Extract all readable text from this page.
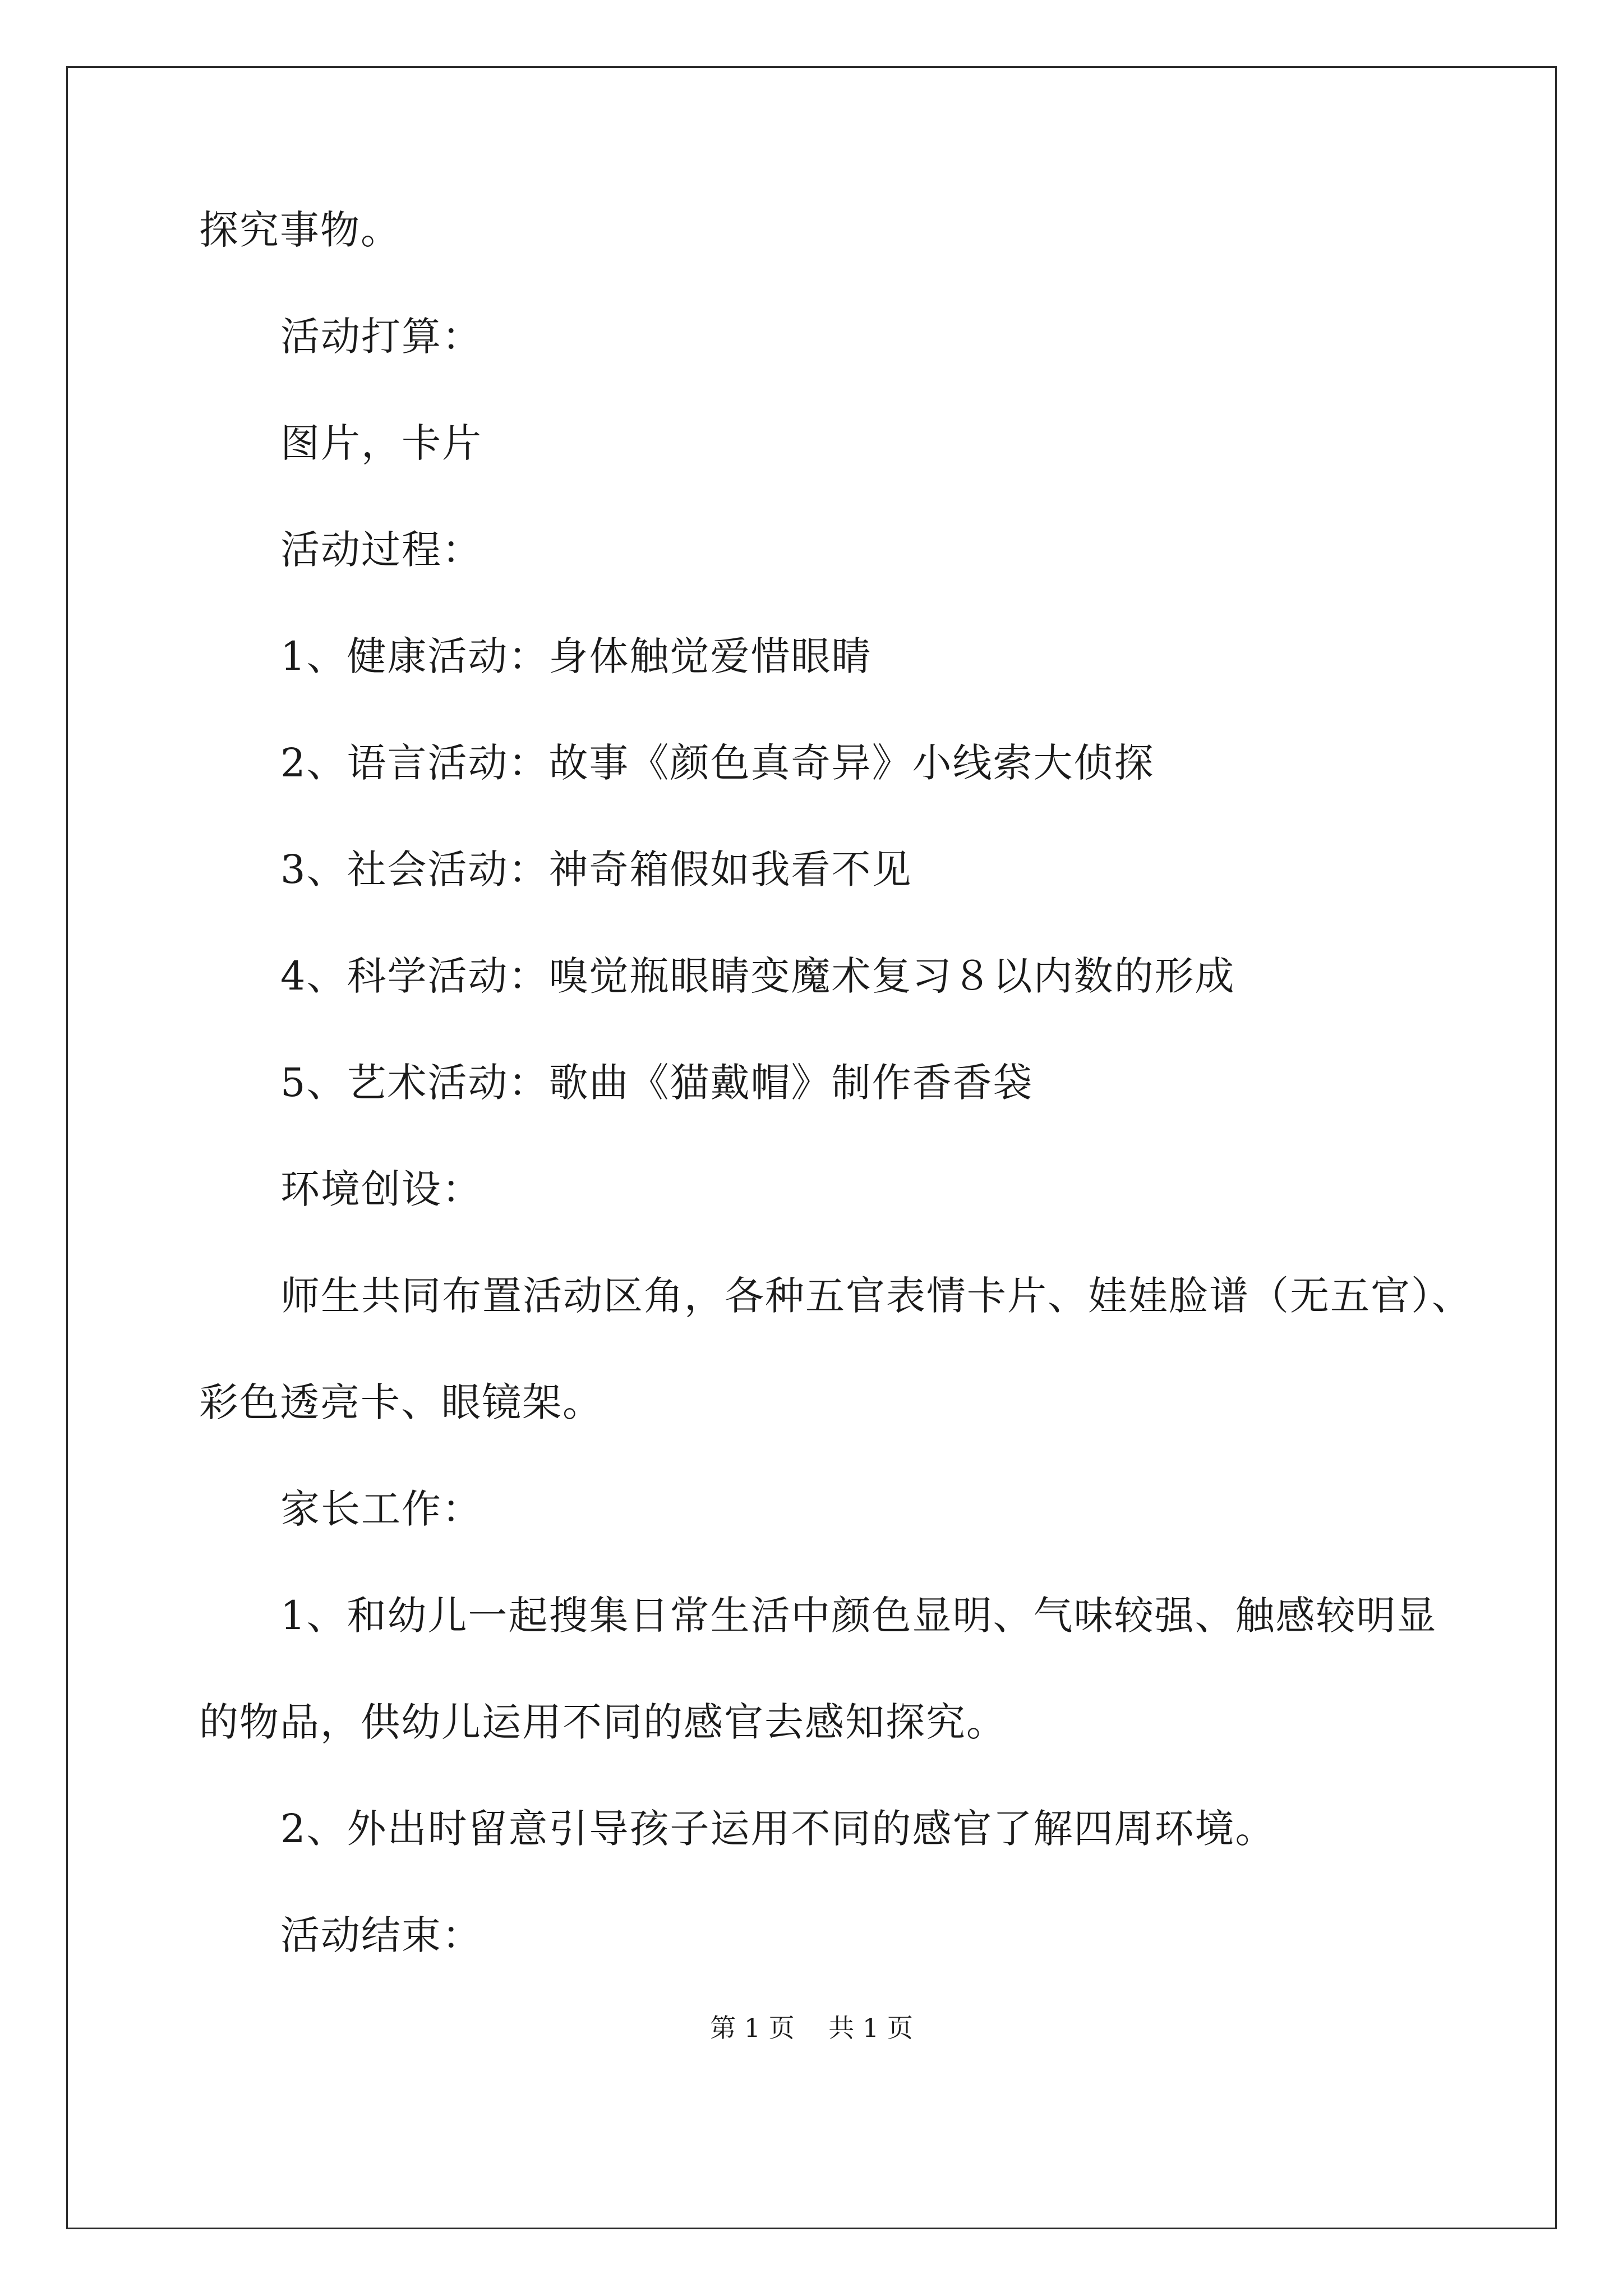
探究事物。
活动打算：
图片，卡片
活动过程：
1、健康活动：身体触觉爱惜眼睛
2、语言活动：故事《颜色真奇异》小线索大侦探
3、社会活动：神奇箱假如我看不见
4、科学活动：嗅觉瓶眼睛变魔术复习８以内数的形成
5、艺术活动：歌曲《猫戴帽》制作香香袋
环境创设：
师生共同布置活动区角，各种五官表情卡片、娃娃脸谱（无五官）、
彩色透亮卡、眼镜架。
家长工作：
1、和幼儿一起搜集日常生活中颜色显明、气味较强、触感较明显
的物品，供幼儿运用不同的感官去感知探究。
2、外出时留意引导孩子运用不同的感官了解四周环境。
活动结束：
第 1 页　 共 1 页
